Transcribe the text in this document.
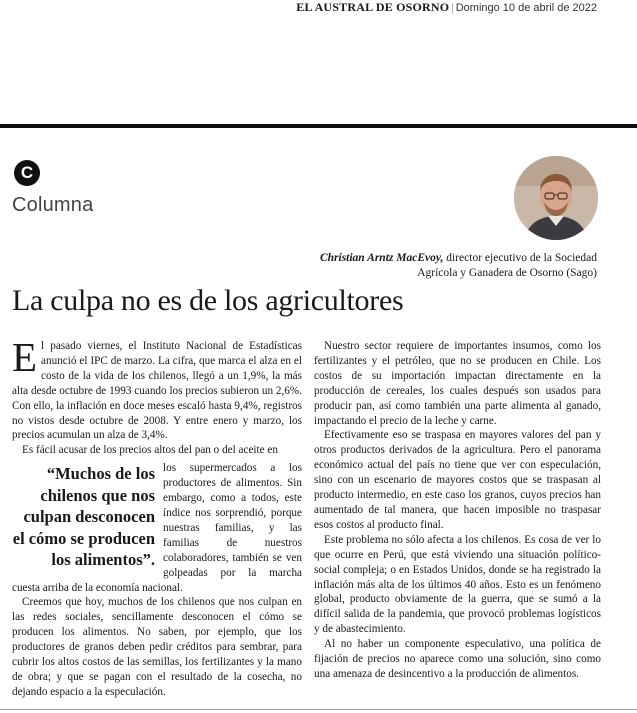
EL AUSTRAL DE OSORNO | Domingo 10 de abril de 2022
C
Columna
Christian Arntz MacEvoy, director ejecutivo de la Sociedad Agrícola y Ganadera de Osorno (Sago)
La culpa no es de los agricultores

El pasado viernes, el Instituto Nacional de Estadísticas anunció el IPC de marzo. La cifra, que marca el alza en el costo de la vida de los chilenos, llegó a un 1,9%, la más alta desde octubre de 1993 cuando los precios subieron un 2,6%. Con ello, la inflación en doce meses escaló hasta 9,4%, registros no vistos desde octubre de 2008. Y entre enero y marzo, los precios acumulan un alza de 3,4%.

Es fácil acusar de los precios altos del pan o del aceite en

“Muchos de los chilenos que nos culpan desconocen el cómo se producen los alimentos”.
los supermercados a los productores de alimentos. Sin embargo, como a todos, este índice nos sorprendió, porque nuestras familias, y las familias de nuestros colaboradores, también se ven golpeadas por la marcha cuesta arriba de la economía nacional.

Creemos que hoy, muchos de los chilenos que nos culpan en las redes sociales, sencillamente desconocen el cómo se producen los alimentos. No saben, por ejemplo, que los productores de granos deben pedir créditos para sembrar, para cubrir los altos costos de las semillas, los fertilizantes y la mano de obra; y que se pagan con el resultado de la cosecha, no dejando espacio a la especulación.

Nuestro sector requiere de importantes insumos, como los fertilizantes y el petróleo, que no se producen en Chile. Los costos de su importación impactan directamente en la producción de cereales, los cuales después son usados para producir pan, así como también una parte alimenta al ganado, impactando el precio de la leche y carne.

Efectivamente eso se traspasa en mayores valores del pan y otros productos derivados de la agricultura. Pero el panorama económico actual del país no tiene que ver con especulación, sino con un escenario de mayores costos que se traspasan al producto intermedio, en este caso los granos, cuyos precios han aumentado de tal manera, que hacen imposible no traspasar esos costos al producto final.

Este problema no sólo afecta a los chilenos. Es cosa de ver lo que ocurre en Perú, que está viviendo una situación político-social compleja; o en Estados Unidos, donde se ha registrado la inflación más alta de los últimos 40 años. Esto es un fenómeno global, producto obviamente de la guerra, que se sumó a la difícil salida de la pandemia, que provocó problemas logísticos y de abastecimiento.

Al no haber un componente especulativo, una política de fijación de precios no aparece como una solución, sino como una amenaza de desincentivo a la producción de alimentos.
